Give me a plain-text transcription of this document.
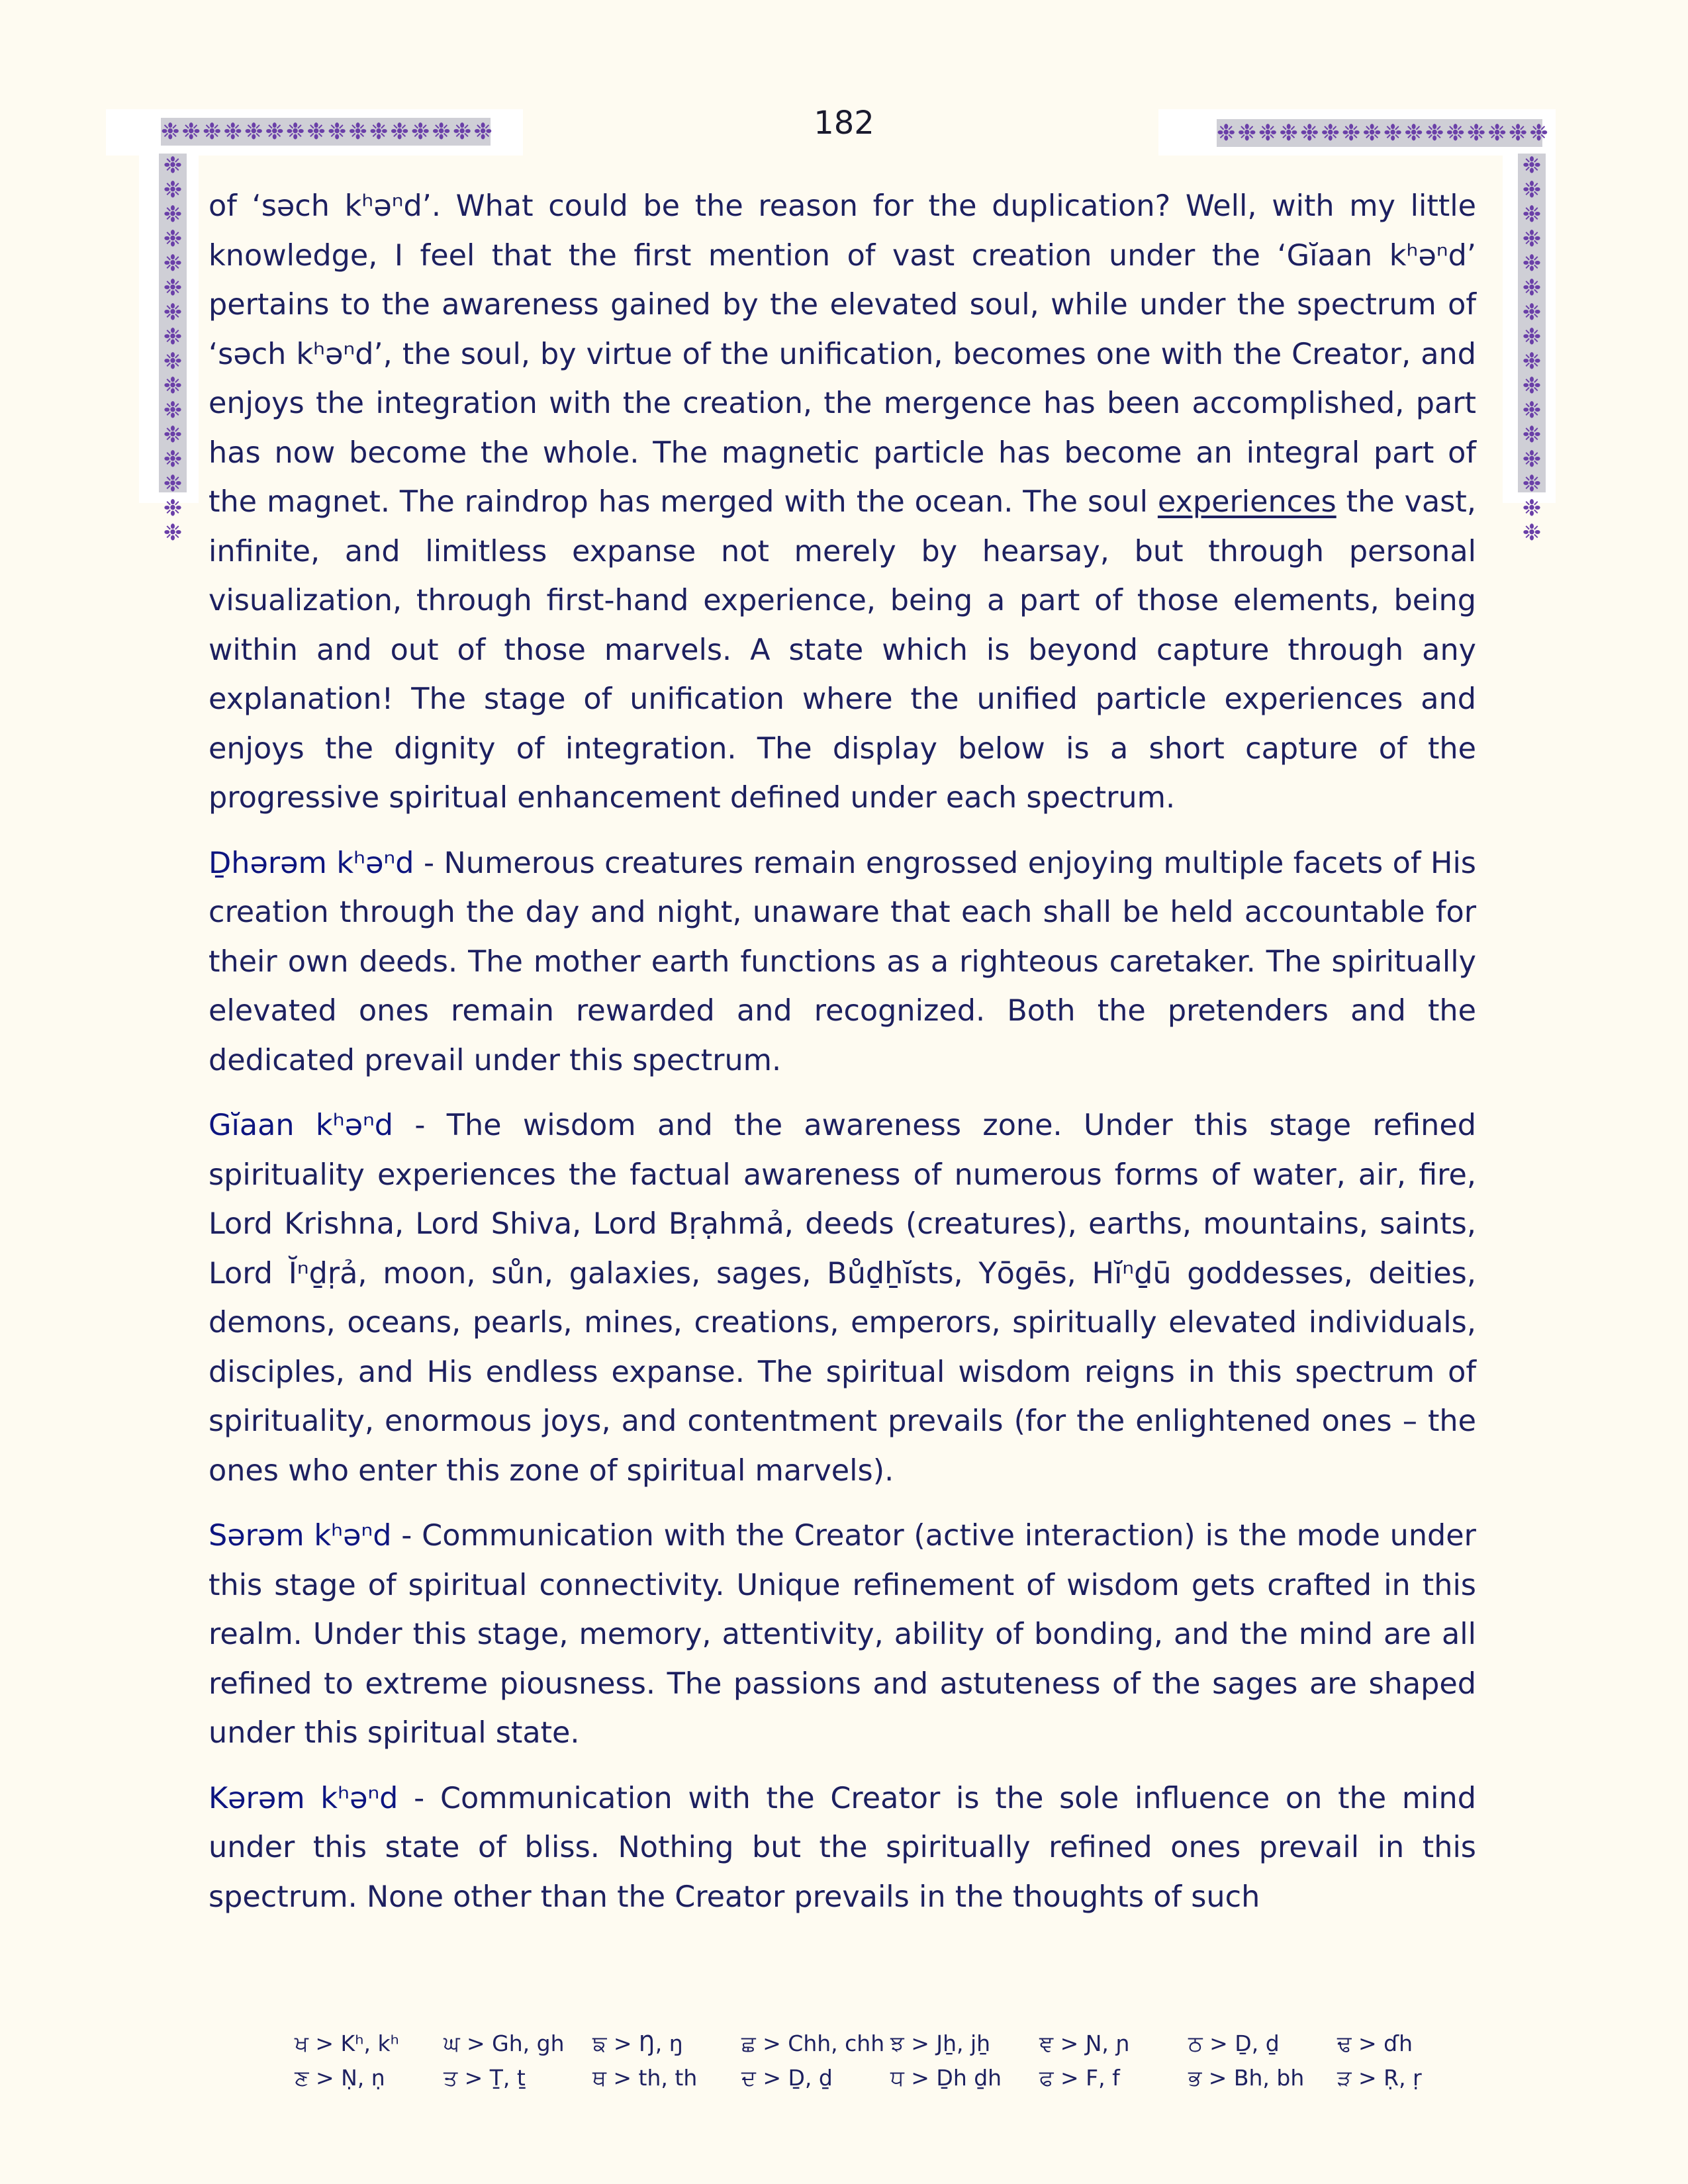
182
❉❉❉❉❉❉❉❉❉❉❉❉❉❉❉❉	❉❉❉❉❉❉❉❉❉❉❉❉❉❉❉❉
❉❉❉❉❉❉❉❉❉❉❉❉❉❉❉❉
❉❉❉❉❉❉❉❉❉❉❉❉❉❉❉❉

of ‘səch kʰəⁿd’. What could be the reason for the duplication? Well, with my little knowledge, I feel that the first mention of vast creation under the ‘Gĭaan kʰəⁿd’ pertains to the awareness gained by the elevated soul, while under the spectrum of ‘səch kʰəⁿd’, the soul, by virtue of the unification, becomes one with the Creator, and enjoys the integration with the creation, the mergence has been accomplished, part has now become the whole. The magnetic particle has become an integral part of the magnet. The raindrop has merged with the ocean. The soul experiences the vast, infinite, and limitless expanse not merely by hearsay, but through personal visualization, through first-hand experience, being a part of those elements, being within and out of those marvels. A state which is beyond capture through any explanation! The stage of unification where the unified particle experiences and enjoys the dignity of integration. The display below is a short capture of the progressive spiritual enhancement defined under each spectrum.

Ḏhərəm kʰəⁿd - Numerous creatures remain engrossed enjoying multiple facets of His creation through the day and night, unaware that each shall be held accountable for their own deeds. The mother earth functions as a righteous caretaker. The spiritually elevated ones remain rewarded and recognized. Both the pretenders and the dedicated prevail under this spectrum.

Gĭaan kʰəⁿd - The wisdom and the awareness zone. Under this stage refined spirituality experiences the factual awareness of numerous forms of water, air, fire, Lord Krishna, Lord Shiva, Lord Bṛạhmả, deeds (creatures), earths, mountains, saints, Lord Ĭⁿḏṛả, moon, sůn, galaxies, sages, Bůḏẖĭsts, Yōgēs, Hĭⁿḏū goddesses, deities, demons, oceans, pearls, mines, creations, emperors, spiritually elevated individuals, disciples, and His endless expanse. The spiritual wisdom reigns in this spectrum of spirituality, enormous joys, and contentment prevails (for the enlightened ones – the ones who enter this zone of spiritual marvels).

Sərəm kʰəⁿd - Communication with the Creator (active interaction) is the mode under this stage of spiritual connectivity. Unique refinement of wisdom gets crafted in this realm. Under this stage, memory, attentivity, ability of bonding, and the mind are all refined to extreme piousness. The passions and astuteness of the sages are shaped under this spiritual state.

Kərəm kʰəⁿd - Communication with the Creator is the sole influence on the mind under this state of bliss. Nothing but the spiritually refined ones prevail in this spectrum. None other than the Creator prevails in the thoughts of such

ਖ > Kʰ, kʰ	ਘ > Gh, gh	ਙ > Ŋ, ŋ	ਛ > Chh, chh ਝ > Jẖ, jẖ	ਞ > Ɲ, ɲ	ਠ > Ḏ, ḏ	ਢ > ɗh
ਣ > Ṇ, ṇ	ਤ > Ṯ, ṯ	ਥ > th, th	ਦ > Ḏ, ḏ	ਧ > Ḏh ḏh	ਫ > F, f	ਭ > Bh, bh	ੜ > Ṛ, ṛ
